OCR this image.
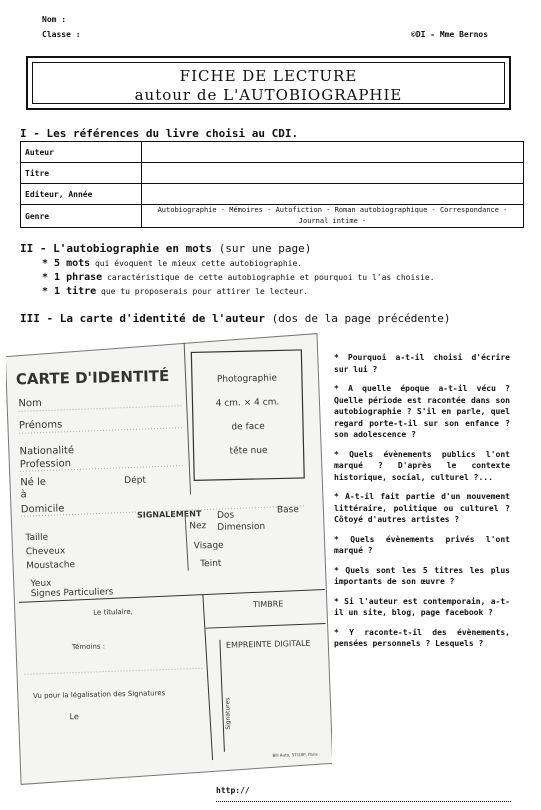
Nom :
Classe :	©DI - Mme Bernos
FICHE DE LECTURE
autour de L'AUTOBIOGRAPHIE
I - Les références du livre choisi au CDI.
Auteur	
Titre	
Editeur, Année	
Genre	Autobiographie - Mémoires - Autofiction - Roman autobiographique - Correspondance - Journal intime -
II - L'autobiographie en mots (sur une page)
* 5 mots qui évoquent le mieux cette autobiographie.
* 1 phrase caractéristique de cette autobiographie et pourquoi tu l'as choisie.
* 1 titre que tu proposerais pour attirer le lecteur.
III - La carte d'identité de l'auteur (dos de la page précédente)
CARTE D'IDENTITÉ	Photographie
4 cm. × 4 cm.
de face
tête nue
Nom
Prénoms
Nationalité
Profession
Né le	Dépt
à
Domicile	SIGNALEMENT
Taille
Cheveux
Moustache
Yeux
Signes Particuliers
Nez
Dos
Base
Dimension
Visage
Teint
Le titulaire,
TIMBRE
Témoins :	EMPREINTE DIGITALE
Vu pour la légalisation des Signatures
Le	Signatures
Bill Auto, 57/20P, Paris
* Pourquoi a-t-il choisi d'écrire sur lui ?
* A quelle époque a-t-il vécu ? Quelle période est racontée dans son autobiographie ? S'il en parle, quel regard porte-t-il sur son enfance ? son adolescence ?
* Quels évènements publics l'ont marqué ? D'après le contexte historique, social, culturel ?...
* A-t-il fait partie d'un mouvement littéraire, politique ou culturel ? Côtoyé d'autres artistes ?
* Quels évènements privés l'ont marqué ?
* Quels sont les 5 titres les plus importants de son œuvre ?
* Si l'auteur est contemporain, a-t-il un site, blog, page facebook ?
* Y raconte-t-il des évènements, pensées personnels ? Lesquels ?
http://
